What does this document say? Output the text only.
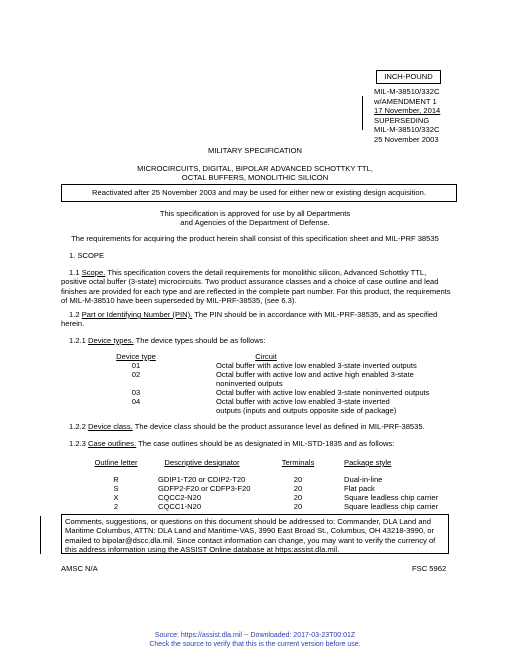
INCH-POUND
MIL-M-38510/332C
w/AMENDMENT 1
17 November, 2014
SUPERSEDING
MIL-M-38510/332C
25 November 2003
MILITARY SPECIFICATION
MICROCIRCUITS, DIGITAL, BIPOLAR ADVANCED SCHOTTKY TTL,
OCTAL BUFFERS, MONOLITHIC SILICON
Reactivated after 25 November 2003 and may be used for either new or existing design acquisition.
This specification is approved for use by all Departments
and Agencies of the Department of Defense.
The requirements for acquiring the product herein shall consist of this specification sheet and MIL-PRF 38535
1. SCOPE
1.1 Scope. This specification covers the detail requirements for monolithic silicon, Advanced Schottky TTL, positive octal buffer (3-state) microcircuits. Two product assurance classes and a choice of case outline and lead finishes are provided for each type and are reflected in the complete part number. For this product, the requirements of MIL-M-38510 have been superseded by MIL-PRF-38535, (see 6.3).
1.2 Part or Identifying Number (PIN). The PIN should be in accordance with MIL-PRF-38535, and as specified herein.
1.2.1 Device types. The device types should be as follows:
Device type	Circuit
01	Octal buffer with active low enabled 3-state inverted outputs
02	Octal buffer with active low and active high enabled 3-state noninverted outputs
03	Octal buffer with active low enabled 3-state noninverted outputs
04	Octal buffer with active low enabled 3-state inverted outputs (inputs and outputs opposite side of package)
1.2.2 Device class. The device class should be the product assurance level as defined in MIL-PRF-38535.
1.2.3 Case outlines. The case outlines should be as designated in MIL-STD-1835 and as follows:
Outline letter	Descriptive designator	Terminals	Package style
R	GDIP1-T20 or CDIP2-T20	20	Dual-in-line
S	GDFP2-F20 or CDFP3-F20	20	Flat pack
X	CQCC2-N20	20	Square leadless chip carrier
2	CQCC1-N20	20	Square leadless chip carrier
Comments, suggestions, or questions on this document should be addressed to: Commander, DLA Land and Maritime Columbus, ATTN: DLA Land and Maritime-VAS, 3990 East Broad St., Columbus, OH 43218-3990, or emailed to bipolar@dscc.dla.mil. Since contact information can change, you may want to verify the currency of this address information using the ASSIST Online database at https:assist.dla.mil.
AMSC N/A	FSC 5962
Source: https://assist.dla.mil -- Downloaded: 2017-03-23T00:01Z
Check the source to verify that this is the current version before use.
